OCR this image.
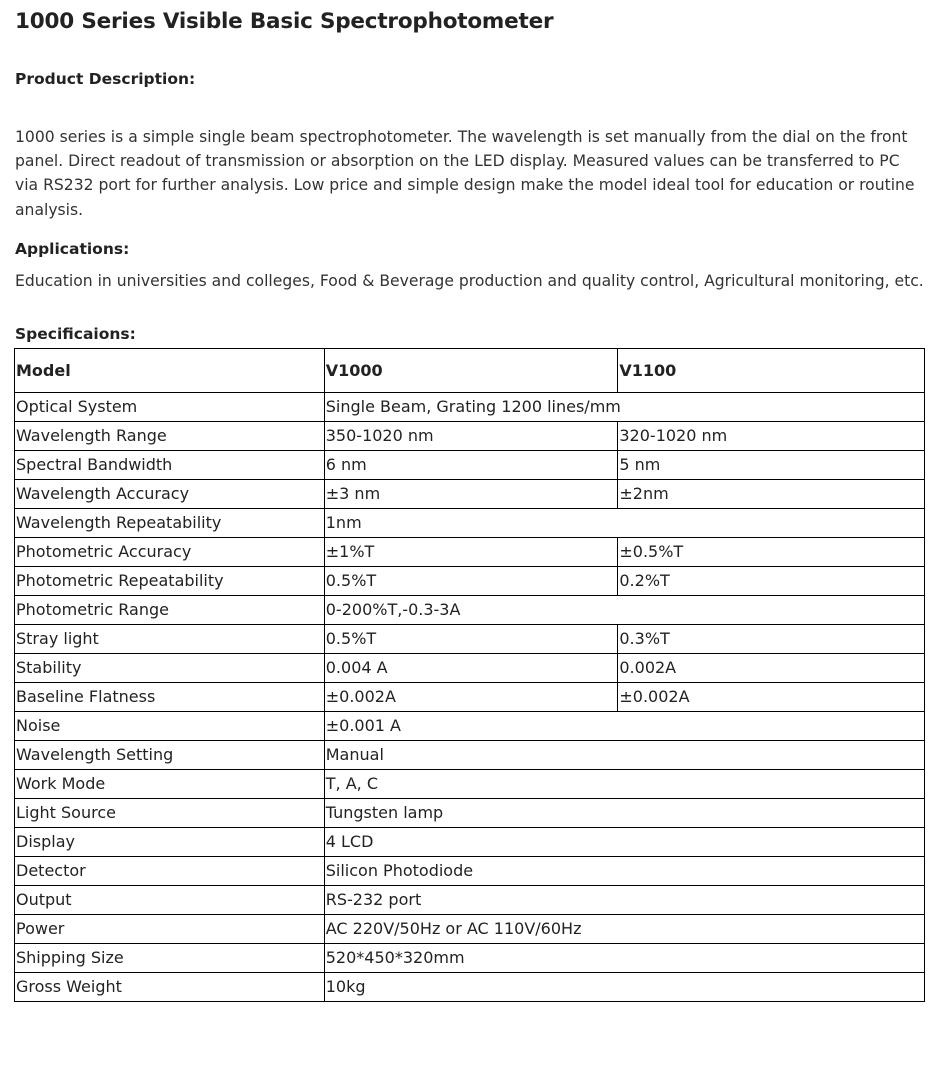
1000 Series Visible Basic Spectrophotometer
Product Description:

1000 series is a simple single beam spectrophotometer. The wavelength is set manually from the dial on the front panel. Direct readout of transmission or absorption on the LED display. Measured values can be transferred to PC via RS232 port for further analysis. Low price and simple design make the model ideal tool for education or routine analysis.

Applications:

Education in universities and colleges, Food & Beverage production and quality control, Agricultural monitoring, etc.

Specificaions:
Model	V1000	V1100
Optical System	Single Beam, Grating 1200 lines/mm	
Wavelength Range	350-1020 nm	320-1020 nm
Spectral Bandwidth	6 nm	5 nm
Wavelength Accuracy	±3 nm	±2nm
Wavelength Repeatability	1nm	
Photometric Accuracy	±1%T	±0.5%T
Photometric Repeatability	0.5%T	0.2%T
Photometric Range	0-200%T,-0.3-3A	
Stray light	0.5%T	0.3%T
Stability	0.004 A	0.002A
Baseline Flatness	±0.002A	±0.002A
Noise	±0.001 A	
Wavelength Setting	Manual	
Work Mode	T, A, C	
Light Source	Tungsten lamp	
Display	4 LCD	
Detector	Silicon Photodiode	
Output	RS-232 port	
Power	AC 220V/50Hz or AC 110V/60Hz	
Shipping Size	520*450*320mm	
Gross Weight	10kg	
